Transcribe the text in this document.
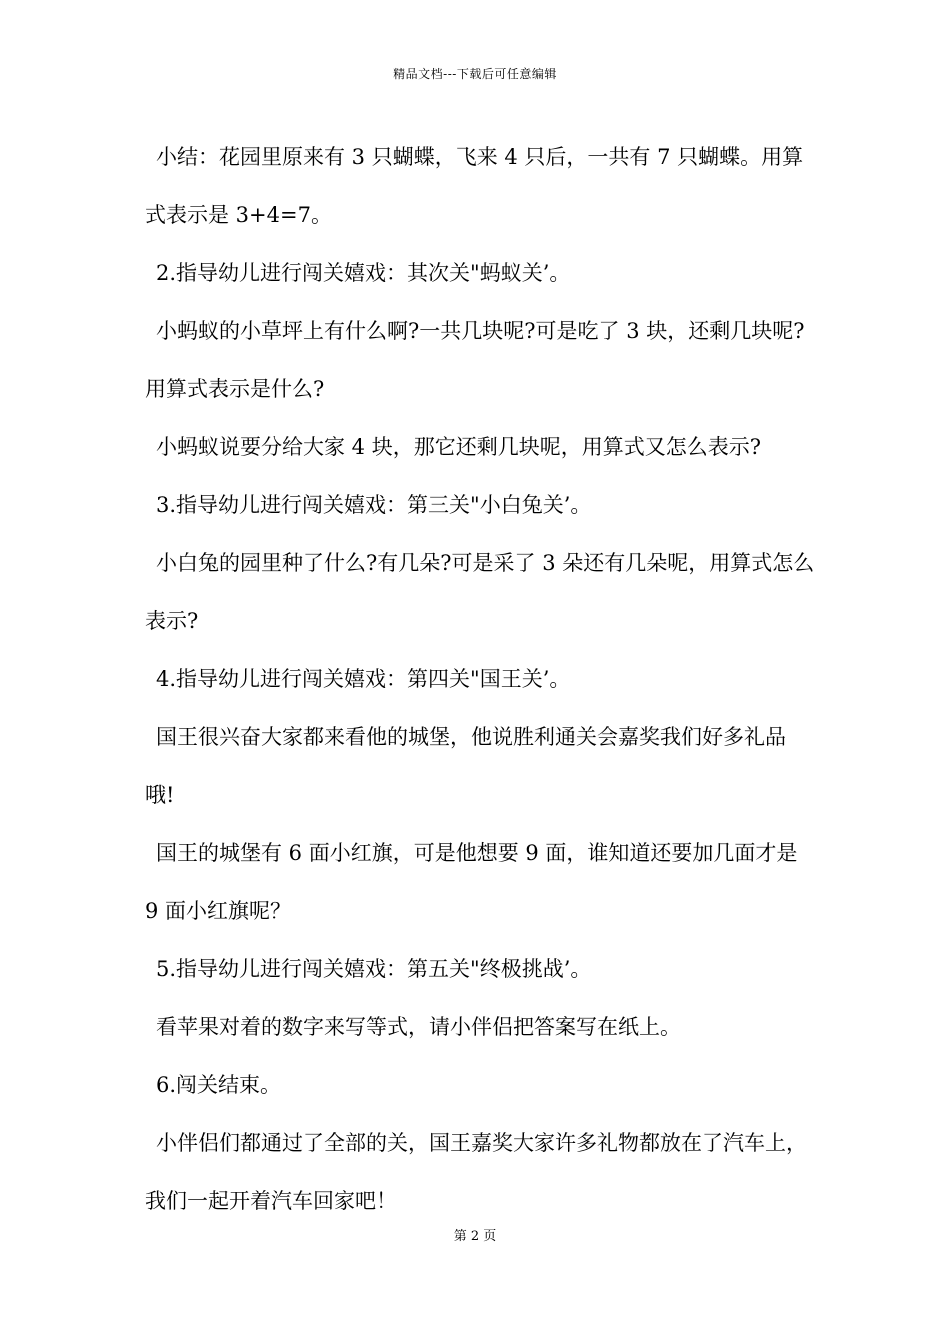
精品文档---下载后可任意编辑

小结：花园里原来有 3 只蝴蝶，飞来 4 只后，一共有 7 只蝴蝶。用算式表示是 3+4=7。

2.指导幼儿进行闯关嬉戏：其次关"蚂蚁关’。

小蚂蚁的小草坪上有什么啊?一共几块呢?可是吃了 3 块，还剩几块呢?用算式表示是什么?

小蚂蚁说要分给大家 4 块，那它还剩几块呢，用算式又怎么表示?

3.指导幼儿进行闯关嬉戏：第三关"小白兔关’。

小白兔的园里种了什么?有几朵?可是采了 3 朵还有几朵呢，用算式怎么表示?

4.指导幼儿进行闯关嬉戏：第四关"国王关’。

国王很兴奋大家都来看他的城堡，他说胜利通关会嘉奖我们好多礼品哦!

国王的城堡有 6 面小红旗，可是他想要 9 面，谁知道还要加几面才是 9 面小红旗呢？

5.指导幼儿进行闯关嬉戏：第五关"终极挑战’。

看苹果对着的数字来写等式，请小伴侣把答案写在纸上。

6.闯关结束。

小伴侣们都通过了全部的关，国王嘉奖大家许多礼物都放在了汽车上，我们一起开着汽车回家吧！

第 2 页
